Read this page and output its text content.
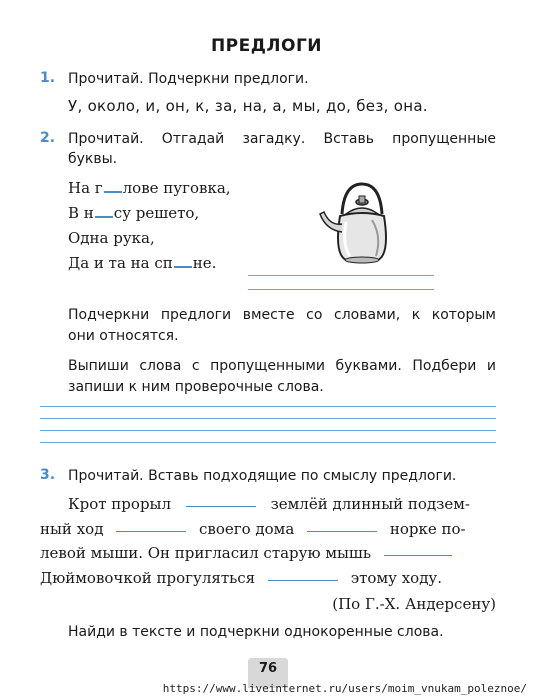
ПРЕДЛОГИ
1. Прочитай. Подчеркни предлоги.
У, около, и, он, к, за, на, а, мы, до, без, она.
2. Прочитай. Отгадай загадку. Вставь пропущенные
буквы.
На г лове пуговка,
В н су решето,
Одна рука,
Да и та на сп не.
Подчеркни предлоги вместе со словами, к которым
они относятся.
Выпиши слова с пропущенными буквами. Подбери и
запиши к ним проверочные слова.
3. Прочитай. Вставь подходящие по смыслу предлоги.
Крот прорыл	землёй длинный подзем-
ный ход	своего дома	норке по-
левой мыши. Он пригласил старую мышь
Дюймовочкой прогуляться	этому ходу.
(По Г.-Х. Андерсену)
Найди в тексте и подчеркни однокоренные слова.
76
https://www.liveinternet.ru/users/moim_vnukam_poleznoe/
